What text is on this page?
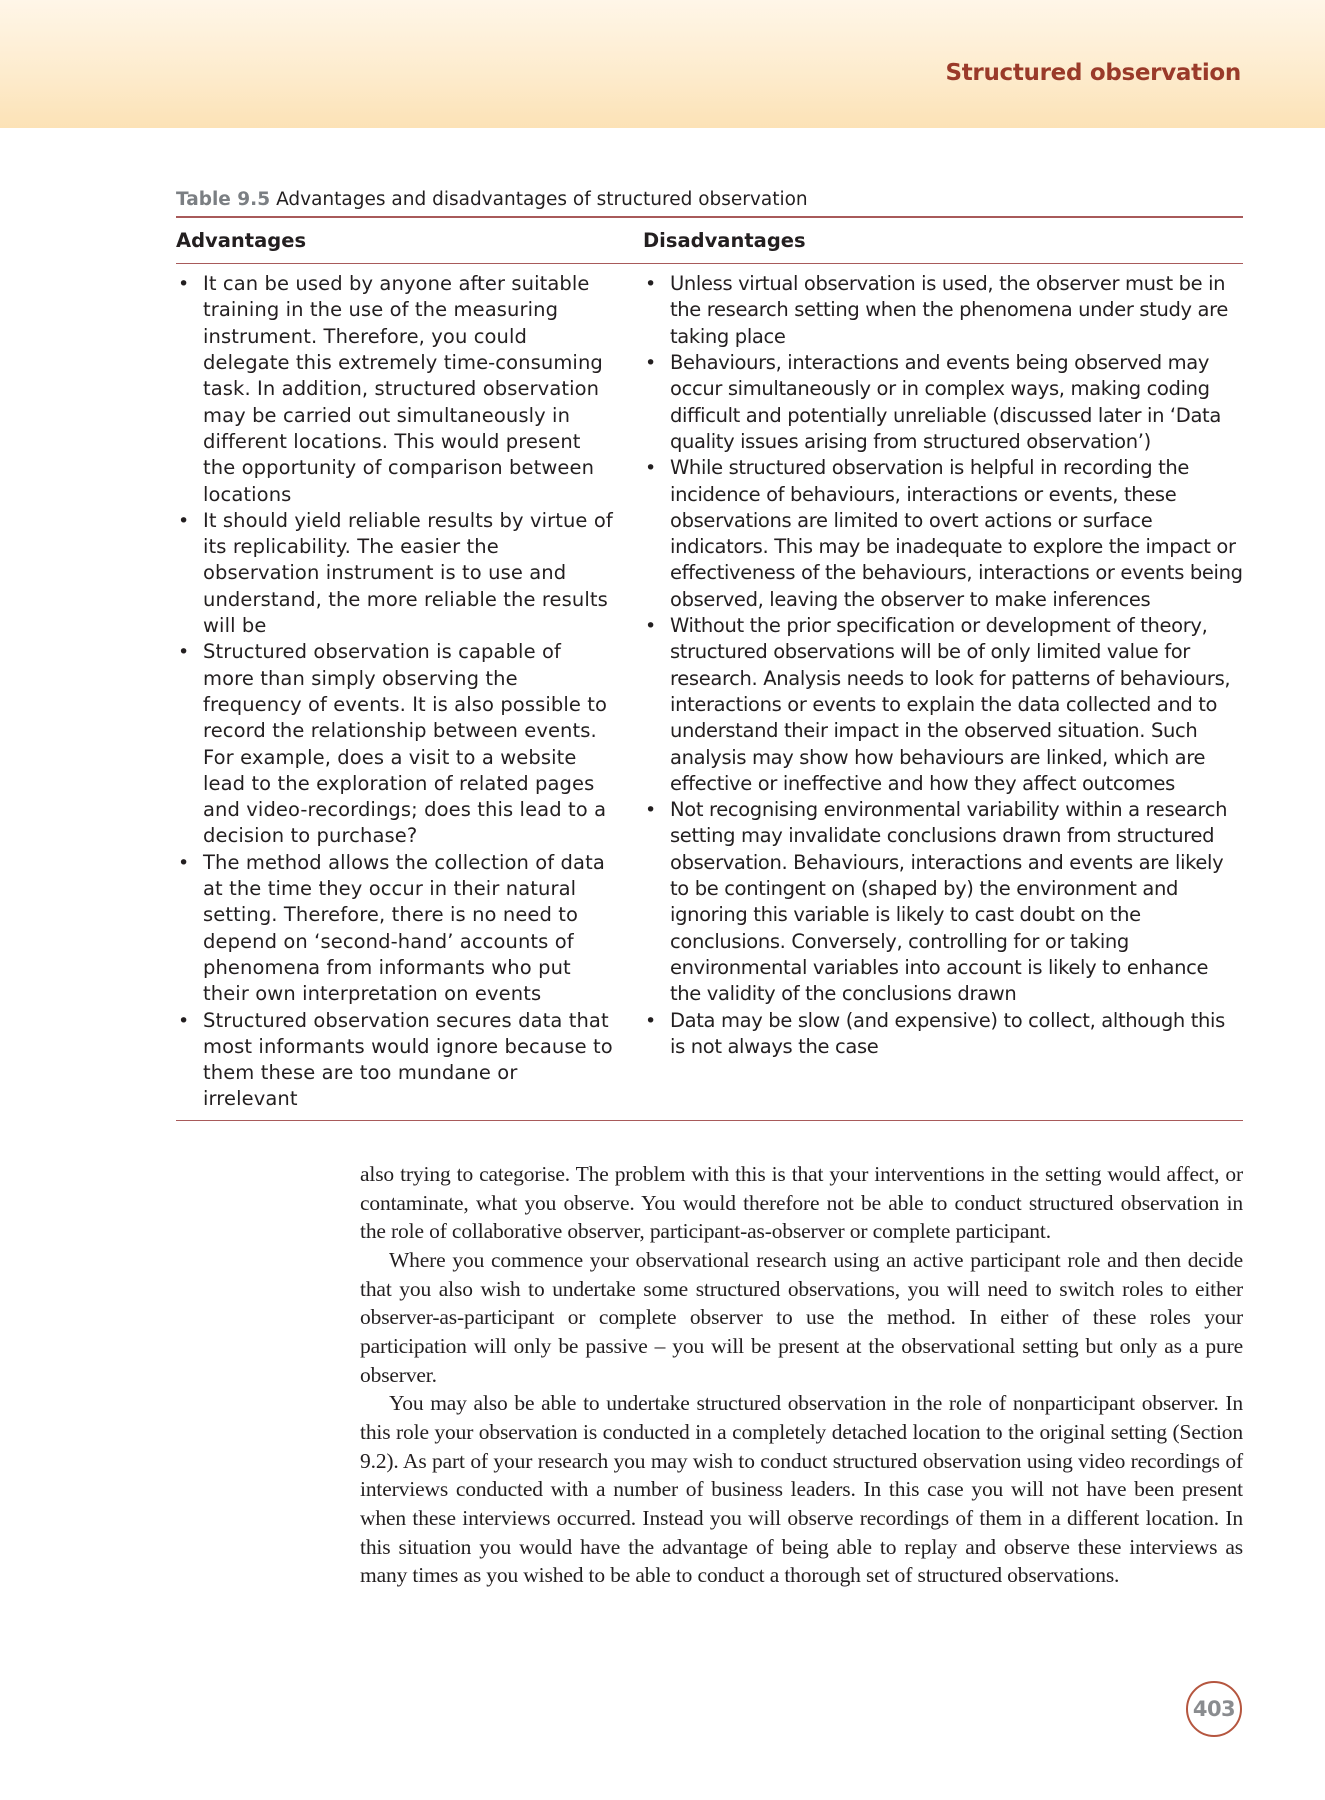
Structured observation
Table 9.5 Advantages and disadvantages of structured observation
Advantages	Disadvantages
• It can be used by anyone after suitable training in the use of the measuring instrument. Therefore, you could delegate this extremely time-consuming task. In addition, structured observation may be carried out simultaneously in different locations. This would present the opportunity of comparison between locations
• It should yield reliable results by virtue of its replicability. The easier the observation instrument is to use and understand, the more reliable the results will be
• Structured observation is capable of more than simply observing the frequency of events. It is also possible to record the relationship between events. For example, does a visit to a website lead to the exploration of related pages and video-recordings; does this lead to a decision to purchase?
• The method allows the collection of data at the time they occur in their natural setting. Therefore, there is no need to depend on ‘second-hand’ accounts of phenomena from informants who put their own interpretation on events
• Structured observation secures data that most informants would ignore because to them these are too mundane or irrelevant
• Unless virtual observation is used, the observer must be in the research setting when the phenomena under study are taking place
• Behaviours, interactions and events being observed may occur simultaneously or in complex ways, making coding difficult and potentially unreliable (discussed later in ‘Data quality issues arising from structured observation’)
• While structured observation is helpful in recording the incidence of behaviours, interactions or events, these observations are limited to overt actions or surface indicators. This may be inadequate to explore the impact or effectiveness of the behaviours, interactions or events being observed, leaving the observer to make inferences
• Without the prior specification or development of theory, structured observations will be of only limited value for research. Analysis needs to look for patterns of behaviours, interactions or events to explain the data collected and to understand their impact in the observed situation. Such analysis may show how behaviours are linked, which are effective or ineffective and how they affect outcomes
• Not recognising environmental variability within a research setting may invalidate conclusions drawn from structured observation. Behaviours, interactions and events are likely to be contingent on (shaped by) the environment and ignoring this variable is likely to cast doubt on the conclusions. Conversely, controlling for or taking environmental variables into account is likely to enhance the validity of the conclusions drawn
• Data may be slow (and expensive) to collect, although this is not always the case

also trying to categorise. The problem with this is that your interventions in the setting would affect, or contaminate, what you observe. You would therefore not be able to conduct structured observation in the role of collaborative observer, participant-as-observer or complete participant.

Where you commence your observational research using an active participant role and then decide that you also wish to undertake some structured observations, you will need to switch roles to either observer-as-participant or complete observer to use the method. In either of these roles your participation will only be passive – you will be present at the observational setting but only as a pure observer.

You may also be able to undertake structured observation in the role of nonparticipant observer. In this role your observation is conducted in a completely detached location to the original setting (Section 9.2). As part of your research you may wish to conduct structured observation using video recordings of interviews conducted with a number of business leaders. In this case you will not have been present when these interviews occurred. Instead you will observe recordings of them in a different location. In this situation you would have the advantage of being able to replay and observe these interviews as many times as you wished to be able to conduct a thorough set of structured observations.

403
